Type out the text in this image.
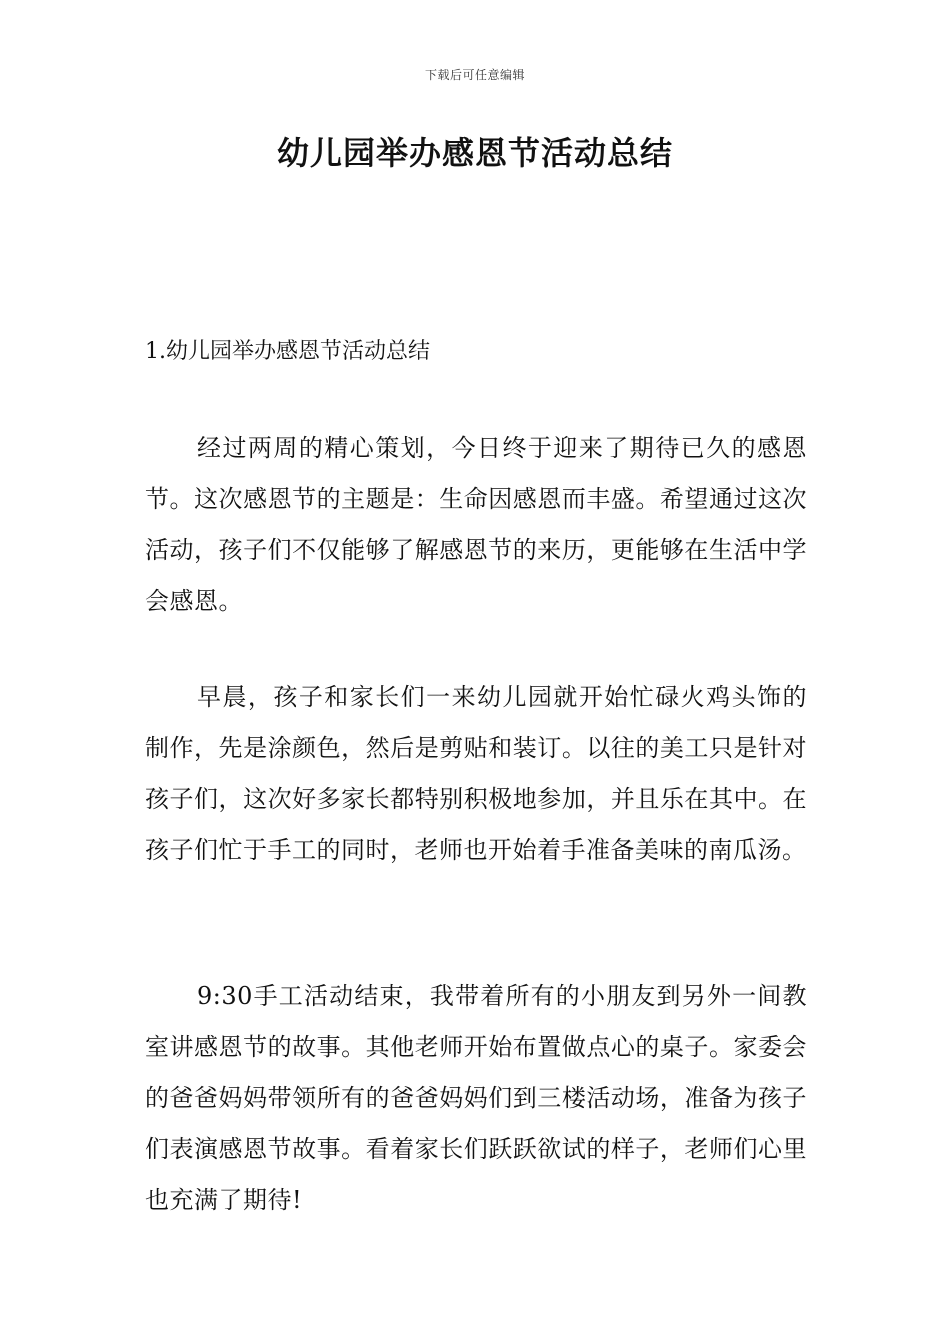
下载后可任意编辑
幼儿园举办感恩节活动总结
1.幼儿园举办感恩节活动总结

经过两周的精心策划，今日终于迎来了期待已久的感恩节。这次感恩节的主题是：生命因感恩而丰盛。希望通过这次活动，孩子们不仅能够了解感恩节的来历，更能够在生活中学会感恩。

早晨，孩子和家长们一来幼儿园就开始忙碌火鸡头饰的制作，先是涂颜色，然后是剪贴和装订。以往的美工只是针对孩子们，这次好多家长都特别积极地参加，并且乐在其中。在孩子们忙于手工的同时，老师也开始着手准备美味的南瓜汤。

9:30手工活动结束，我带着所有的小朋友到另外一间教室讲感恩节的故事。其他老师开始布置做点心的桌子。家委会的爸爸妈妈带领所有的爸爸妈妈们到三楼活动场，准备为孩子们表演感恩节故事。看着家长们跃跃欲试的样子，老师们心里也充满了期待!
